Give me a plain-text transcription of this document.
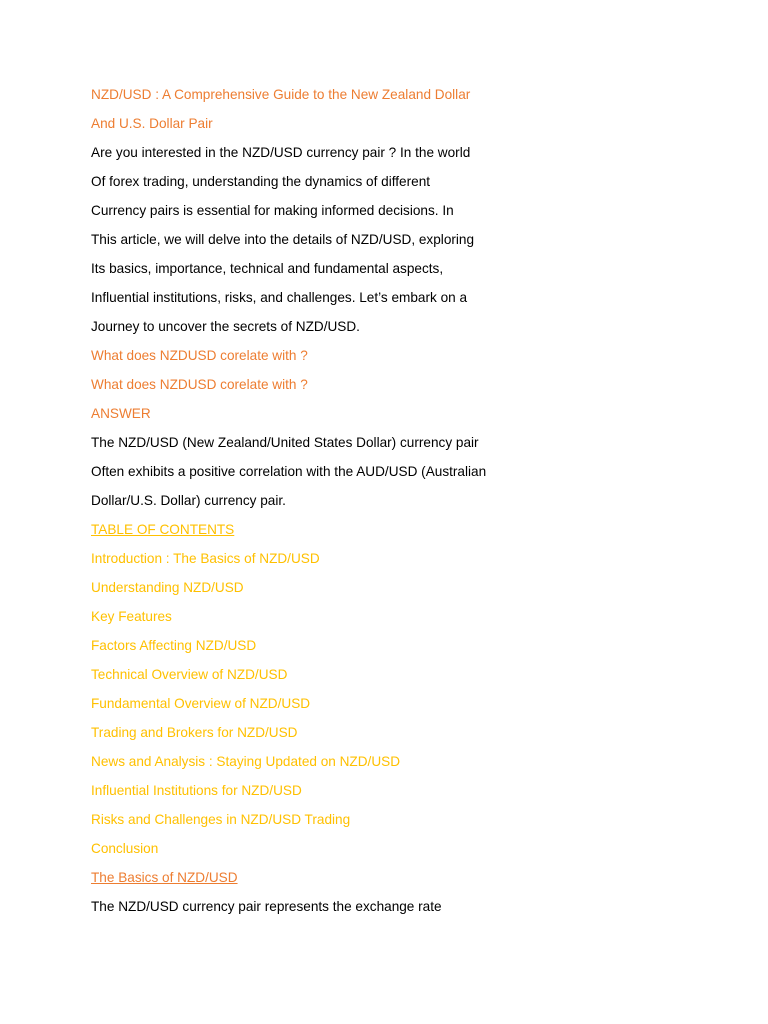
NZD/USD : A Comprehensive Guide to the New Zealand Dollar
And U.S. Dollar Pair
Are you interested in the NZD/USD currency pair ? In the world
Of forex trading, understanding the dynamics of different
Currency pairs is essential for making informed decisions. In
This article, we will delve into the details of NZD/USD, exploring
Its basics, importance, technical and fundamental aspects,
Influential institutions, risks, and challenges. Let’s embark on a
Journey to uncover the secrets of NZD/USD.
What does NZDUSD corelate with ?
What does NZDUSD corelate with ?
ANSWER
The NZD/USD (New Zealand/United States Dollar) currency pair
Often exhibits a positive correlation with the AUD/USD (Australian
Dollar/U.S. Dollar) currency pair.
TABLE OF CONTENTS
Introduction : The Basics of NZD/USD
Understanding NZD/USD
Key Features
Factors Affecting NZD/USD
Technical Overview of NZD/USD
Fundamental Overview of NZD/USD
Trading and Brokers for NZD/USD
News and Analysis : Staying Updated on NZD/USD
Influential Institutions for NZD/USD
Risks and Challenges in NZD/USD Trading
Conclusion
The Basics of NZD/USD
The NZD/USD currency pair represents the exchange rate
